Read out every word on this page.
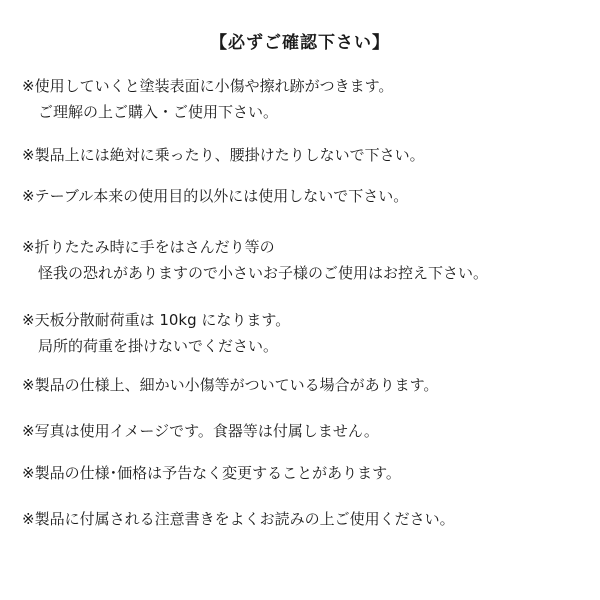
【必ずご確認下さい】
※使用していくと塗装表面に小傷や擦れ跡がつきます。
ご理解の上ご購入・ご使用下さい。
※製品上には絶対に乗ったり、腰掛けたりしないで下さい。
※テーブル本来の使用目的以外には使用しないで下さい。
※折りたたみ時に手をはさんだり等の
怪我の恐れがありますので小さいお子様のご使用はお控え下さい。
※天板分散耐荷重は 10kg になります。
局所的荷重を掛けないでください。
※製品の仕様上、細かい小傷等がついている場合があります。
※写真は使用イメージです。食器等は付属しません。
※製品の仕様･価格は予告なく変更することがあります。
※製品に付属される注意書きをよくお読みの上ご使用ください。
